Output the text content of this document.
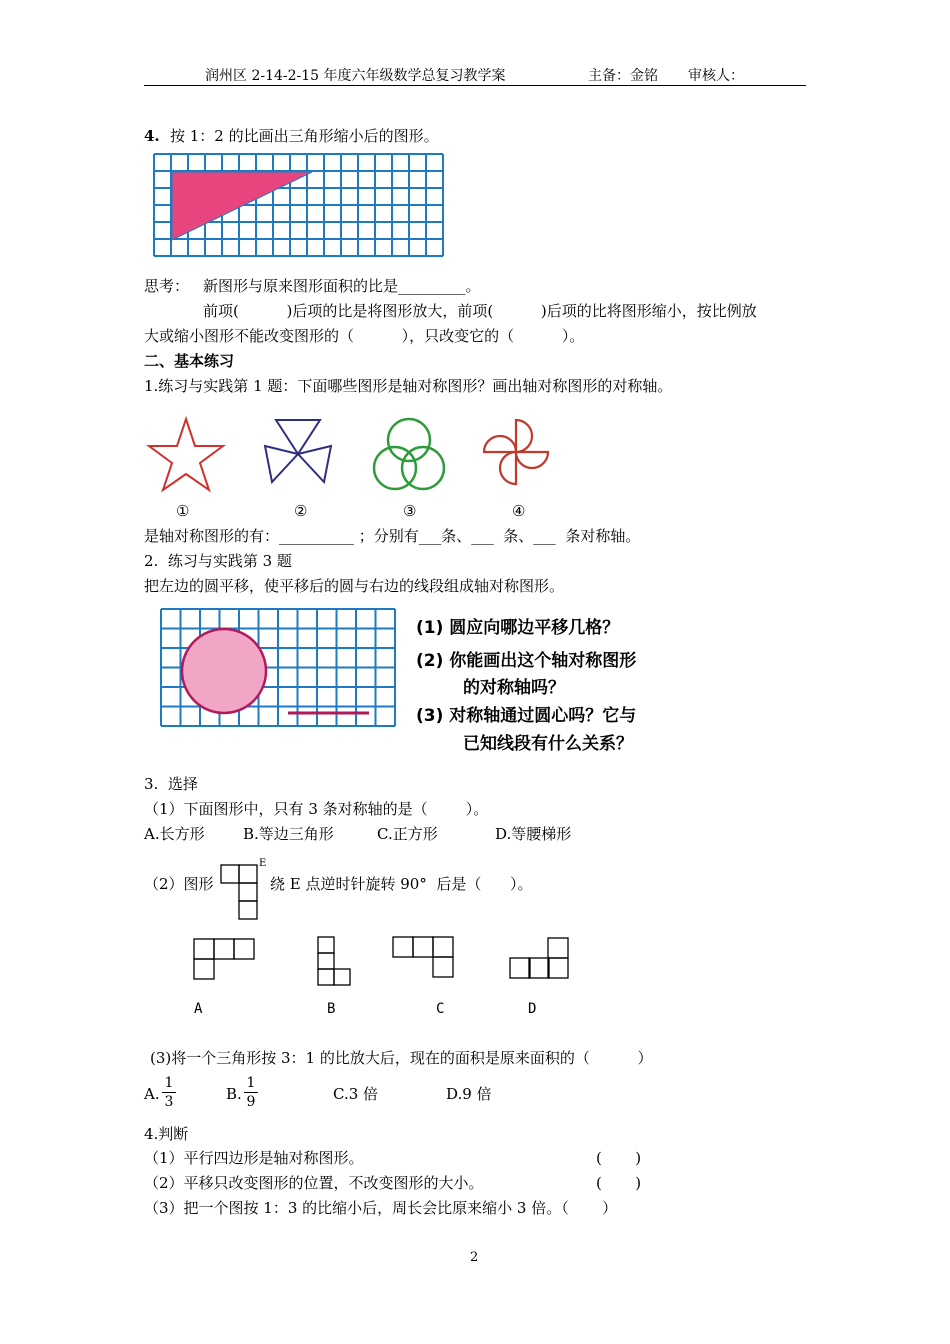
润州区 2-14-2-15 年度六年级数学总复习教学案	主备：金铭 审核人：
4. 按 1：2 的比画出三角形缩小后的图形。
思考： 新图形与原来图形面积的比是_________。
前项(          )后项的比是将图形放大，前项(          )后项的比将图形缩小，按比例放
大或缩小图形不能改变图形的（          ），只改变它的（          ）。
二、基本练习
1.练习与实践第 1 题：下面哪些图形是轴对称图形？画出轴对称图形的对称轴。
①	②	③	④
是轴对称图形的有：__________ ；分别有___条、___  条、___  条对称轴。
2.  练习与实践第 3 题
把左边的圆平移，使平移后的圆与右边的线段组成轴对称图形。
(1) 圆应向哪边平移几格？
(2) 你能画出这个轴对称图形
的对称轴吗？
(3) 对称轴通过圆心吗？它与
已知线段有什么关系？
3.  选择
（1）下面图形中，只有 3 条对称轴的是（        ）。
A.长方形	B.等边三角形	C.正方形	D.等腰梯形
（2）图形
E
绕 E 点逆时针旋转 90°  后是（      ）。
A	B	C	D
(3)将一个三角形按 3：1 的比放大后，现在的面积是原来面积的（          ）
A.
1
3	B.
1
9	C.3 倍	D.9 倍
4.判断
（1）平行四边形是轴对称图形。	(       )
（2）平移只改变图形的位置，不改变图形的大小。	(       )
（3）把一个图按 1：3 的比缩小后，周长会比原来缩小 3 倍。（       ）
2
